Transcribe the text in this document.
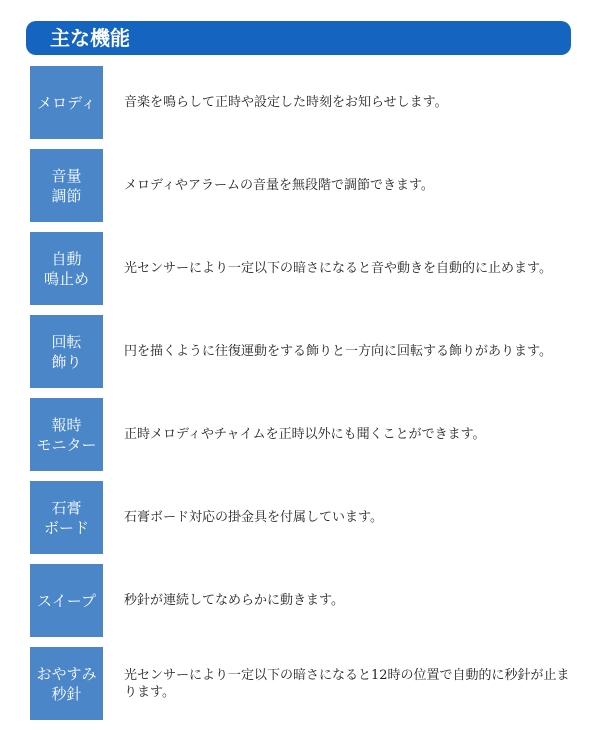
主な機能
メロディ	音楽を鳴らして正時や設定した時刻をお知らせします。
音量
調節
メロディやアラームの音量を無段階で調節できます。
自動
鳴止め
光センサーにより一定以下の暗さになると音や動きを自動的に止めます。
回転
飾り
円を描くように往復運動をする飾りと一方向に回転する飾りがあります。
報時
モニター
正時メロディやチャイムを正時以外にも聞くことができます。
石膏
ボード
石膏ボード対応の掛金具を付属しています。
スイープ	秒針が連続してなめらかに動きます。
おやすみ
秒針
光センサーにより一定以下の暗さになると12時の位置で自動的に秒針が止まります。
